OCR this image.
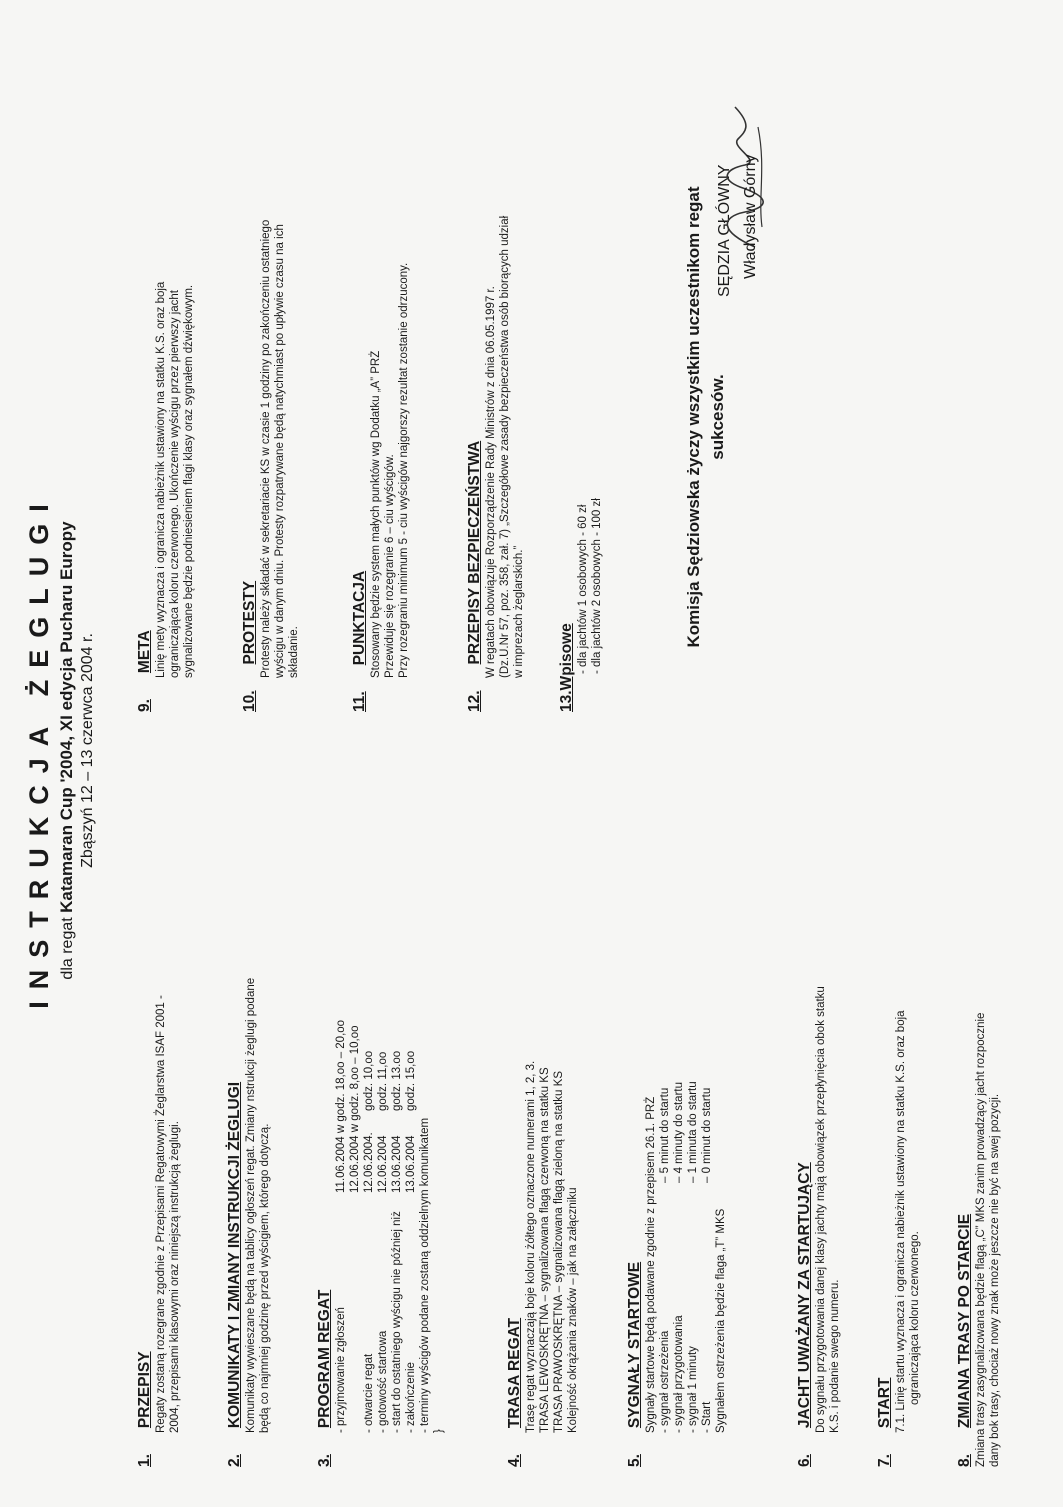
INSTRUKCJA ŻEGLUGI dla regat Katamaran Cup '2004, XI edycja Pucharu Europy Zbąszyń 12 – 13 czerwca 2004 r.

1.
PRZEPISY Regaty zostaną rozegrane zgodnie z Przepisami Regatowymi Żeglarstwa ISAF 2001 - 2004, przepisami klasowymi oraz niniejszą instrukcją żeglugi.

2.
KOMUNIKATY I ZMIANY INSTRUKCJI ŻEGLUGI Komunikaty wywieszane będą na tablicy ogłoszeń regat. Zmiany nstrukcji żeglugi podane będą co najmniej godzinę przed wyścigiem, którego dotyczą.

3.
PROGRAM REGAT - przyjmowanie zgłoszeń
11.06.2004 w godz. 18,oo – 20,oo 12.06.2004 w godz. 8,oo – 10,oo
- otwarcie regat
12.06.2004.
godz. 10,oo
- gotowość startowa
12.06.2004
godz. 11,oo
- start do ostatniego wyścigu nie później niż
13.06.2004
godz. 13.oo
- zakończenie
13.06.2004
godz. 15,oo

- terminy wyścigów podane zostaną oddzielnym komunikatem }
4.
TRASA REGAT Trasę regat wyznaczają boje koloru żółtego oznaczone numerami 1, 2, 3. TRASA LEWOSKRĘTNA – sygnalizowana flagą czerwoną na statku KS TRASA PRAWOSKRĘTNA – sygnalizowana flagą zieloną na statku KS Kolejność okrążania znaków – jak na załączniku

5.
SYGNAŁY STARTOWE Sygnały startowe będą podawane zgodnie z przepisem 26.1. PRŻ - sygnał ostrzeżenia
– 5 minut do startu
- sygnał przygotowania
– 4 minuty do startu
- sygnał 1 minuty
– 1 minuta do startu
- Start
– 0 minut do startu

Sygnałem ostrzeżenia będzie flaga „T” MKS

6.
JACHT UWAŻANY ZA STARTUJĄCY Do sygnału przygotowania danej klasy jachty mają obowiązek przepłynięcia obok statku K.S. i podanie swego numeru.

7.
START 7.1. Linię startu wyznacza i ogranicza nabieżnik ustawiony na statku K.S. oraz boja ograniczająca koloru czerwonego.

8.
ZMIANA TRASY PO STARCIE Zmiana trasy zasygnalizowana będzie flagą „C” MKS zanim prowadzący jacht rozpocznie dany bok trasy, chociaż nowy znak może jeszcze nie być na swej pozycji.

9.
META Linię mety wyznacza i ogranicza nabieżnik ustawiony na statku K.S. oraz boja ograniczająca koloru czerwonego. Ukończenie wyścigu przez pierwszy jacht sygnalizowane będzie podniesieniem flagi klasy oraz sygnałem dźwiękowym.

10.
PROTESTY Protesty należy składać w sekretariacie KS w czasie 1 godziny po zakończeniu ostatniego wyścigu w danym dniu. Protesty rozpatrywane będą natychmiast po upływie czasu na ich składanie.

11.
PUNKTACJA Stosowany będzie system małych punktów wg Dodatku „A” PRŻ Przewiduje się rozegranie 6 – ciu wyścigów. Przy rozegraniu minimum 5 - ciu wyścigów najgorszy rezultat zostanie odrzucony.

12.
PRZEPISY BEZPIECZEŃSTWA W regatach obowiązuje Rozporządzenie Rady Ministrów z dnia 06.05.1997 r. (Dz.U.Nr 57, poz. 358, zał. 7) „Szczegółowe zasady bezpieczeństwa osób biorących udział w imprezach żeglarskich.”

13.
Wpisowe - dla jachtów 1 osobowych - 60 zł - dla jachtów 2 osobowych - 100 zł	Komisja Sędziowska życzy wszystkim uczestnikom regat sukcesów.
SĘDZIA GŁÓWNY Władysław Górny
